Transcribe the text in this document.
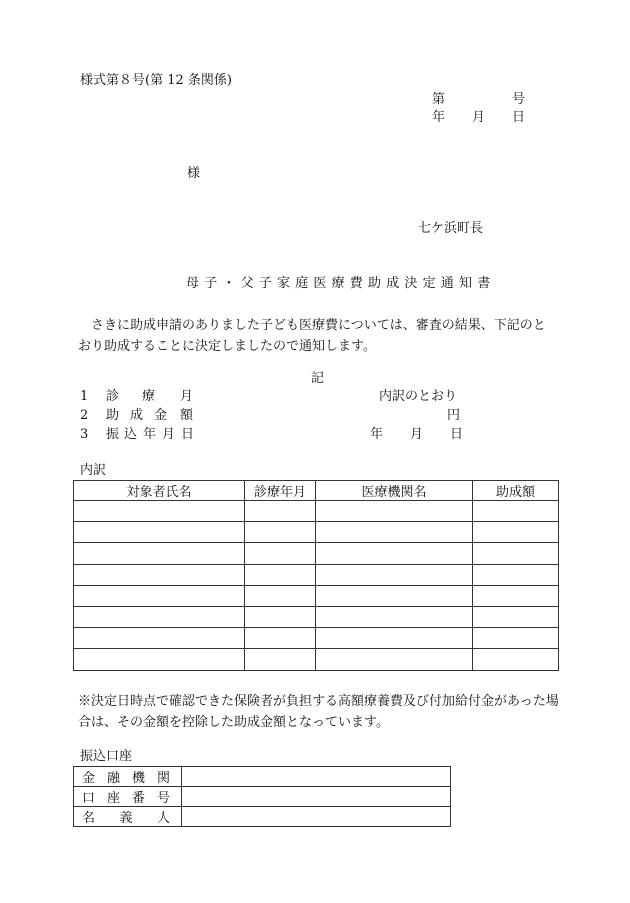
様式第８号(第 12 条関係)
第	号
年 月 日
様
七ケ浜町長
母子・父子家庭医療費助成決定通知書
さきに助成申請のありました子ども医療費については、審査の結果、下記のとおり助成することに決定しましたので通知します。
記
1 診 療 月	内訳のとおり
2 助 成 金 額	円
3 振 込 年 月 日	年 月 日
内訳
対象者氏名	診療年月	医療機関名	助成額

※決定日時点で確認できた保険者が負担する高額療養費及び付加給付金があった場合は、その金額を控除した助成金額となっています。
振込口座
金 融 機 関	

口 座 番 号	

名 義 人	
